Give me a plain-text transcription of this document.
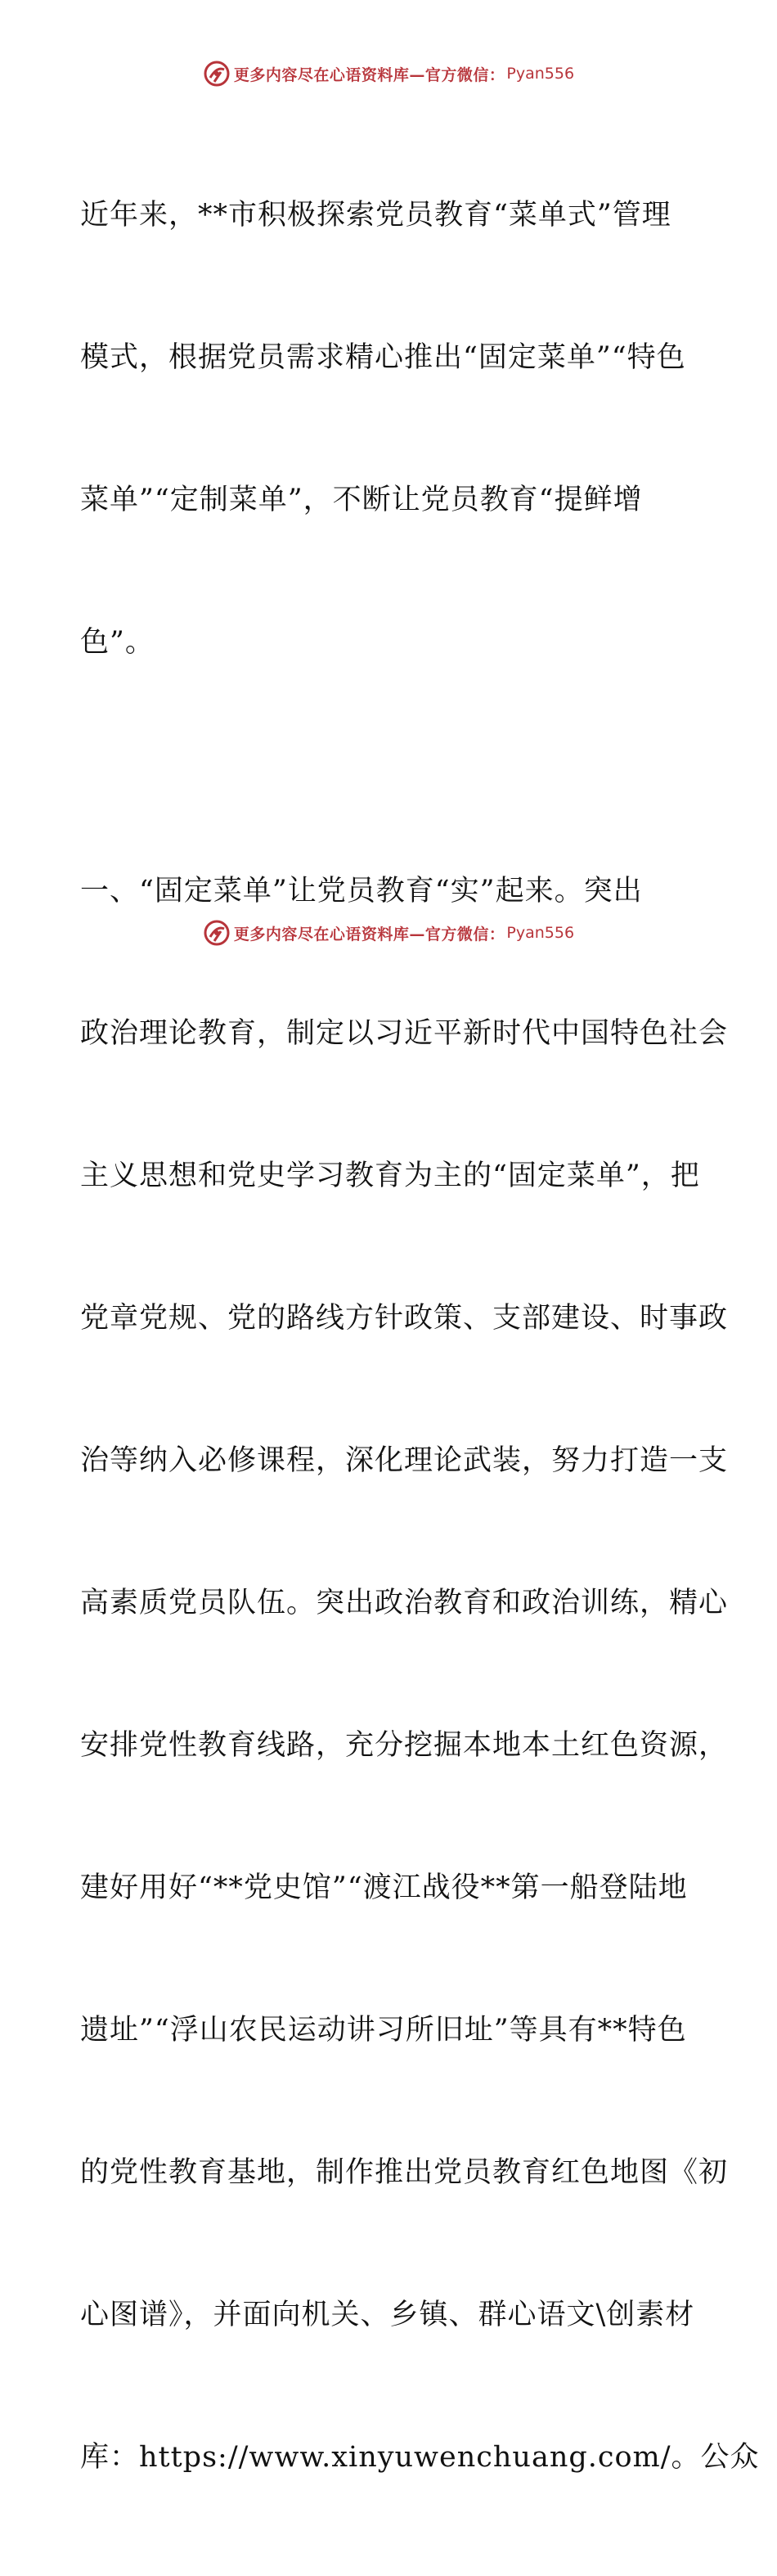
更多内容尽在心语资料库—官方微信： Pyan556

近年来，**市积极探索党员教育“菜单式”管理

模式，根据党员需求精心推出“固定菜单”“特色

菜单”“定制菜单”，不断让党员教育“提鲜增

色”。

一、“固定菜单”让党员教育“实”起来。突出

政治理论教育，制定以习近平新时代中国特色社会

主义思想和党史学习教育为主的“固定菜单”，把

党章党规、党的路线方针政策、支部建设、时事政

治等纳入必修课程，深化理论武装，努力打造一支

高素质党员队伍。突出政治教育和政治训练，精心

安排党性教育线路，充分挖掘本地本土红色资源，

建好用好“**党史馆”“渡江战役**第一船登陆地

遗址”“浮山农民运动讲习所旧址”等具有**特色

的党性教育基地，制作推出党员教育红色地图《初

心图谱》，并面向机关、乡镇、群心语文\创素材

库：https://www.xinyuwenchuang.com/。公众

更多内容尽在心语资料库—官方微信： Pyan556
